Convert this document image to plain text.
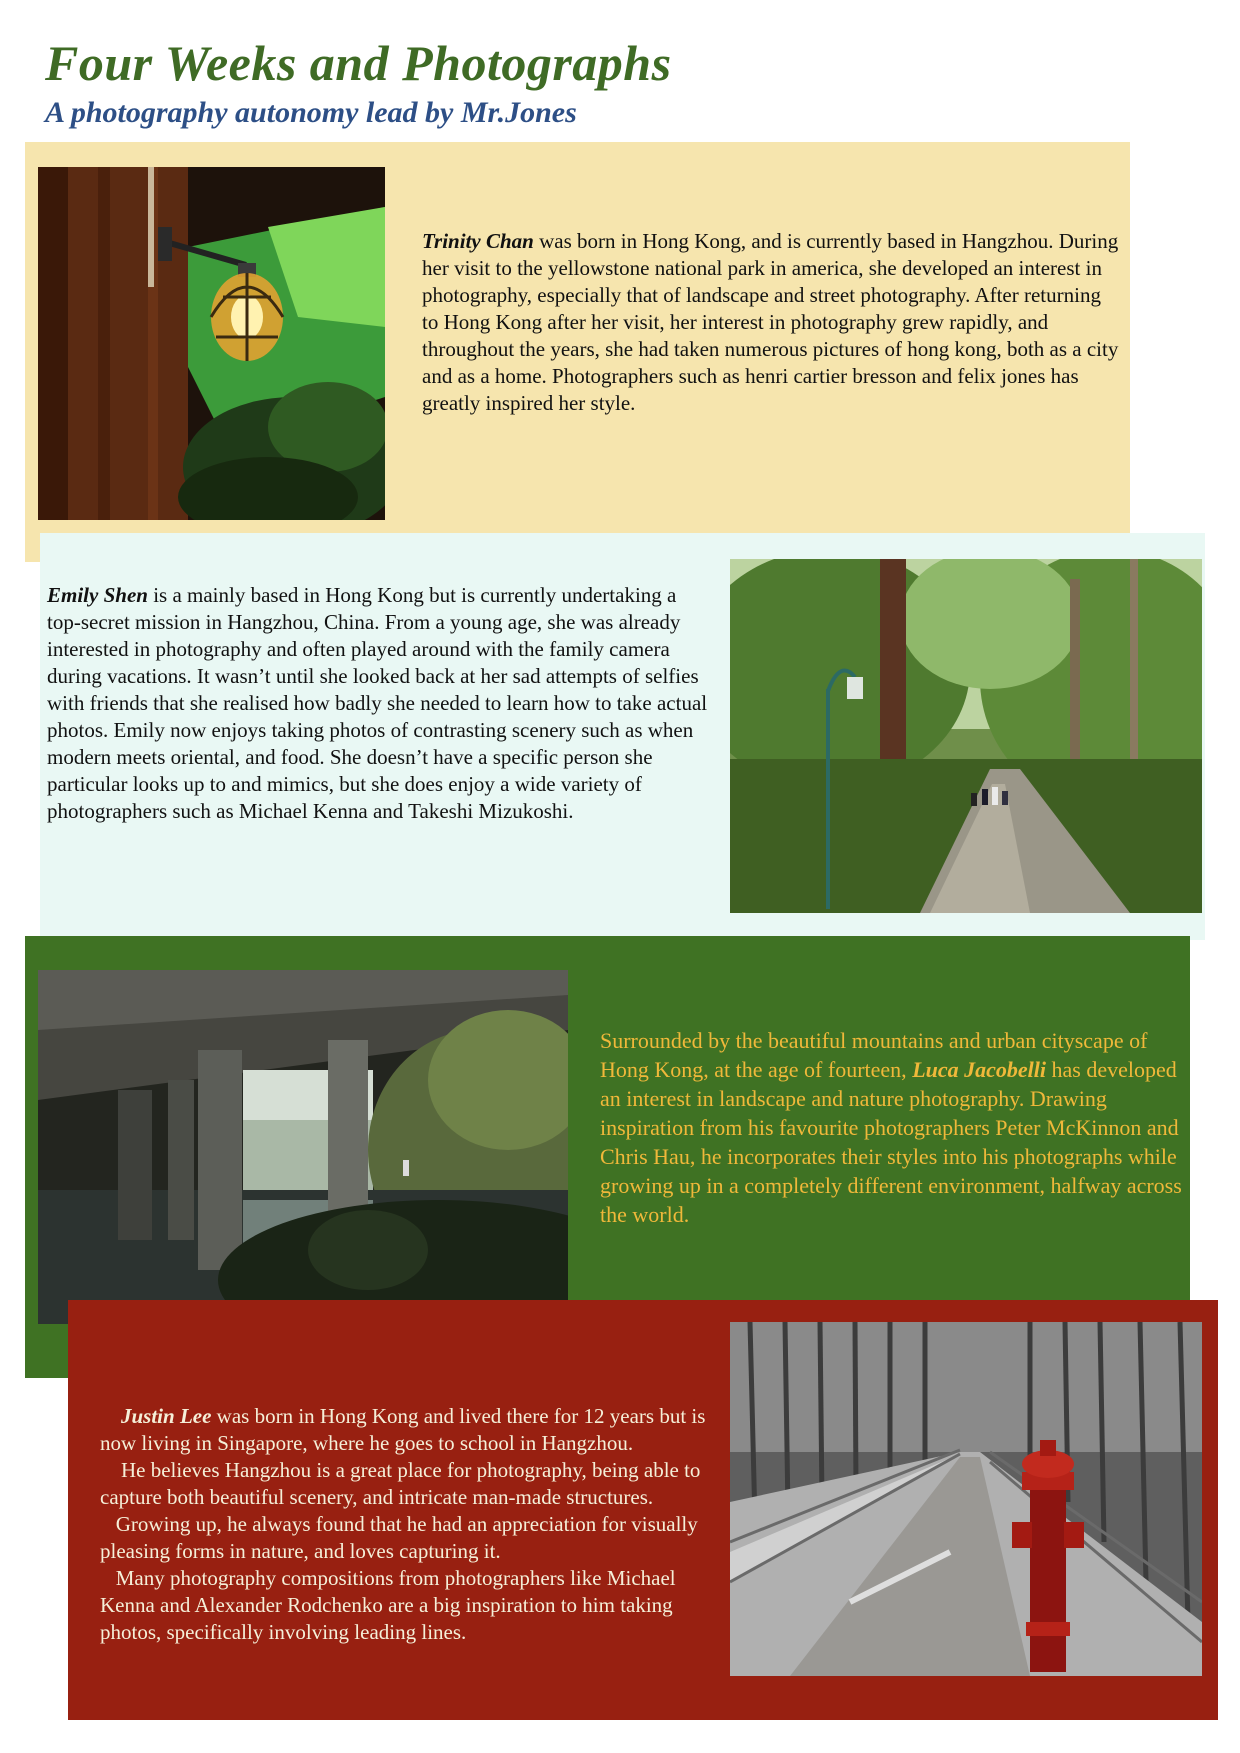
Four Weeks and Photographs
A photography autonomy lead by Mr.Jones

Trinity Chan was born in Hong Kong, and is currently based in Hangzhou. During her visit to the yellowstone national park in america, she developed an interest in photography, especially that of landscape and street photography. After returning to Hong Kong after her visit, her interest in photography grew rapidly, and throughout the years, she had taken numerous pictures of hong kong, both as a city and as a home. Photographers such as henri cartier bresson and felix jones has greatly inspired her style.

Emily Shen is a mainly based in Hong Kong but is currently undertaking a top-secret mission in Hangzhou, China. From a young age, she was already interested in photography and often played around with the family camera during vacations. It wasn’t until she looked back at her sad attempts of selfies with friends that she realised how badly she needed to learn how to take actual photos. Emily now enjoys taking photos of contrasting scenery such as when modern meets oriental, and food. She doesn’t have a specific person she particular looks up to and mimics, but she does enjoy a wide variety of photographers such as Michael Kenna and Takeshi Mizukoshi.

Surrounded by the beautiful mountains and urban cityscape of Hong Kong, at the age of fourteen, Luca Jacobelli has developed an interest in landscape and nature photography. Drawing inspiration from his favourite photographers Peter McKinnon and Chris Hau, he incorporates their styles into his photographs while growing up in a completely different environment, halfway across the world.

Justin Lee was born in Hong Kong and lived there for 12 years but is now living in Singapore, where he goes to school in Hangzhou.

He believes Hangzhou is a great place for photography, being able to capture both beautiful scenery, and intricate man-made structures.

Growing up, he always found that he had an appreciation for visually pleasing forms in nature, and loves capturing it.

Many photography compositions from photographers like Michael Kenna and Alexander Rodchenko are a big inspiration to him taking photos, specifically involving leading lines.
